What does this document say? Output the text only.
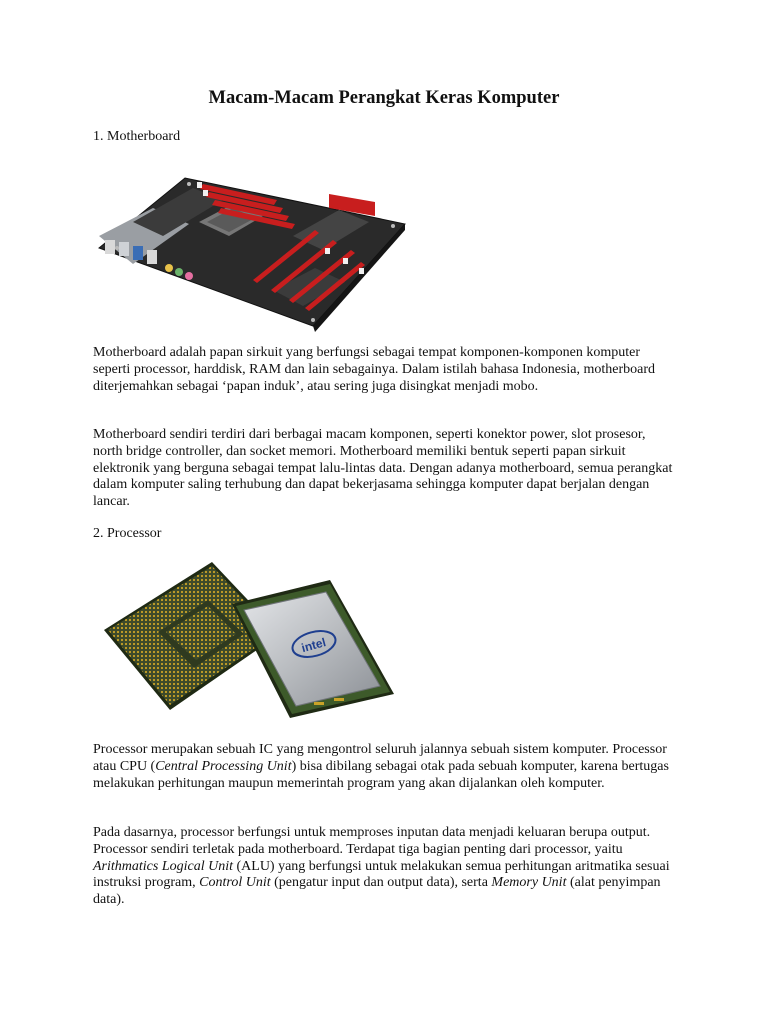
Macam-Macam Perangkat Keras Komputer

1. Motherboard

Motherboard adalah papan sirkuit yang berfungsi sebagai tempat komponen-komponen komputer seperti processor, harddisk, RAM dan lain sebagainya. Dalam istilah bahasa Indonesia, motherboard diterjemahkan sebagai ‘papan induk’, atau sering juga disingkat menjadi mobo.

Motherboard sendiri terdiri dari berbagai macam komponen, seperti konektor power, slot prosesor, north bridge controller, dan socket memori. Motherboard memiliki bentuk seperti papan sirkuit elektronik yang berguna sebagai tempat lalu-lintas data. Dengan adanya motherboard, semua perangkat dalam komputer saling terhubung dan dapat bekerjasama sehingga komputer dapat berjalan dengan lancar.

2. Processor

intel

Processor merupakan sebuah IC yang mengontrol seluruh jalannya sebuah sistem komputer. Processor atau CPU (Central Processing Unit) bisa dibilang sebagai otak pada sebuah komputer, karena bertugas melakukan perhitungan maupun memerintah program yang akan dijalankan oleh komputer.

Pada dasarnya, processor berfungsi untuk memproses inputan data menjadi keluaran berupa output. Processor sendiri terletak pada motherboard. Terdapat tiga bagian penting dari processor, yaitu Arithmatics Logical Unit (ALU) yang berfungsi untuk melakukan semua perhitungan aritmatika sesuai instruksi program, Control Unit (pengatur input dan output data), serta Memory Unit (alat penyimpan data).
